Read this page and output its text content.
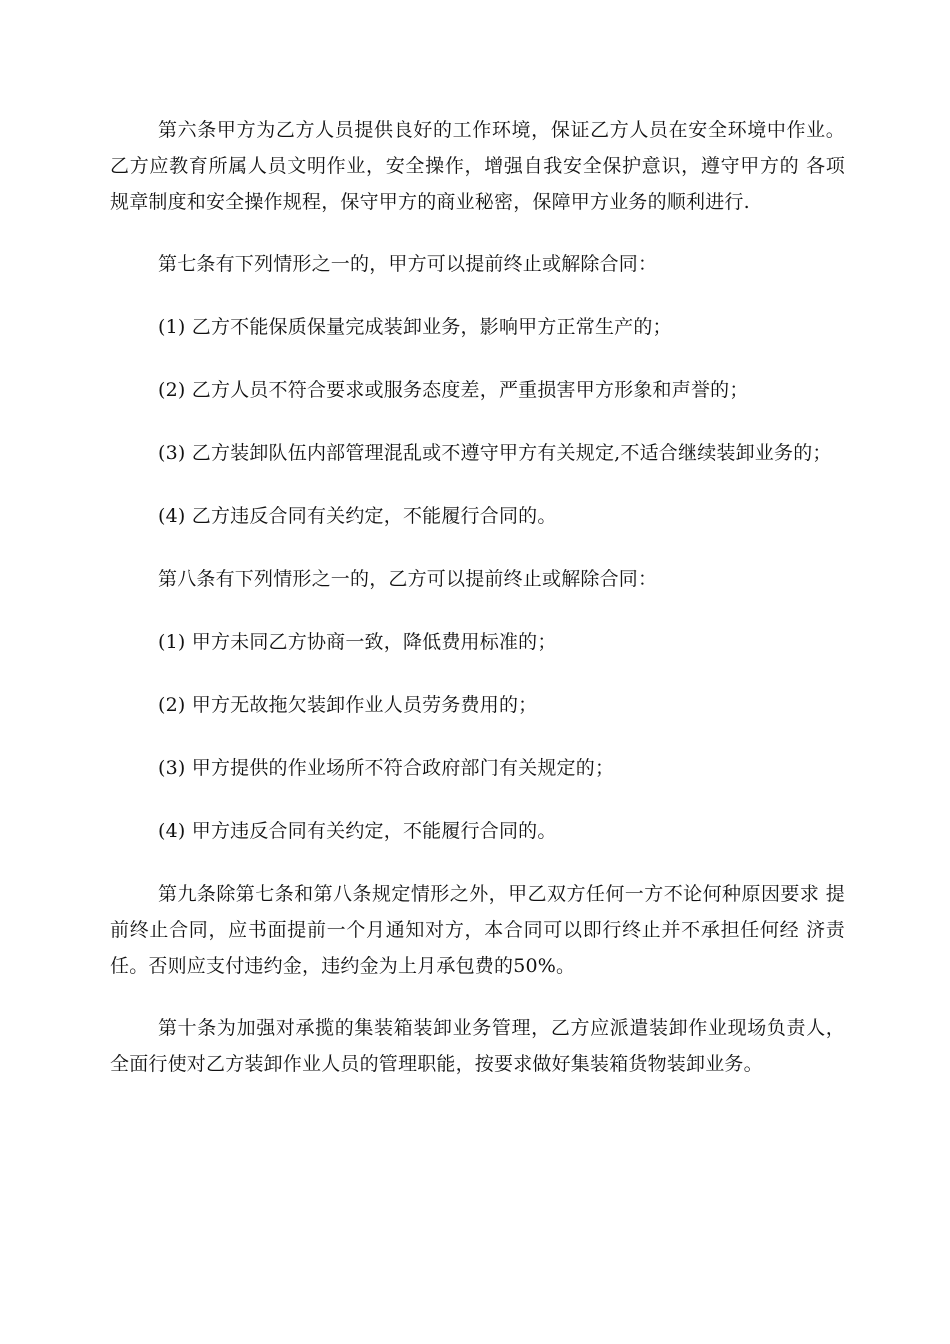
第六条甲方为乙方人员提供良好的工作环境，保证乙方人员在安全环境中作业。乙方应教育所属人员文明作业，安全操作，增强自我安全保护意识，遵守甲方的 各项规章制度和安全操作规程，保守甲方的商业秘密，保障甲方业务的顺利进行.

第七条有下列情形之一的，甲方可以提前终止或解除合同：

(1) 乙方不能保质保量完成装卸业务，影响甲方正常生产的；

(2) 乙方人员不符合要求或服务态度差，严重损害甲方形象和声誉的；

(3) 乙方装卸队伍内部管理混乱或不遵守甲方有关规定,不适合继续装卸业务的；

(4) 乙方违反合同有关约定，不能履行合同的。

第八条有下列情形之一的，乙方可以提前终止或解除合同：

(1) 甲方未同乙方协商一致，降低费用标准的；

(2) 甲方无故拖欠装卸作业人员劳务费用的；

(3) 甲方提供的作业场所不符合政府部门有关规定的；

(4) 甲方违反合同有关约定，不能履行合同的。

第九条除第七条和第八条规定情形之外，甲乙双方任何一方不论何种原因要求 提前终止合同，应书面提前一个月通知对方，本合同可以即行终止并不承担任何经 济责任。否则应支付违约金，违约金为上月承包费的50%。

第十条为加强对承揽的集装箱装卸业务管理，乙方应派遣装卸作业现场负责人，全面行使对乙方装卸作业人员的管理职能，按要求做好集装箱货物装卸业务。
